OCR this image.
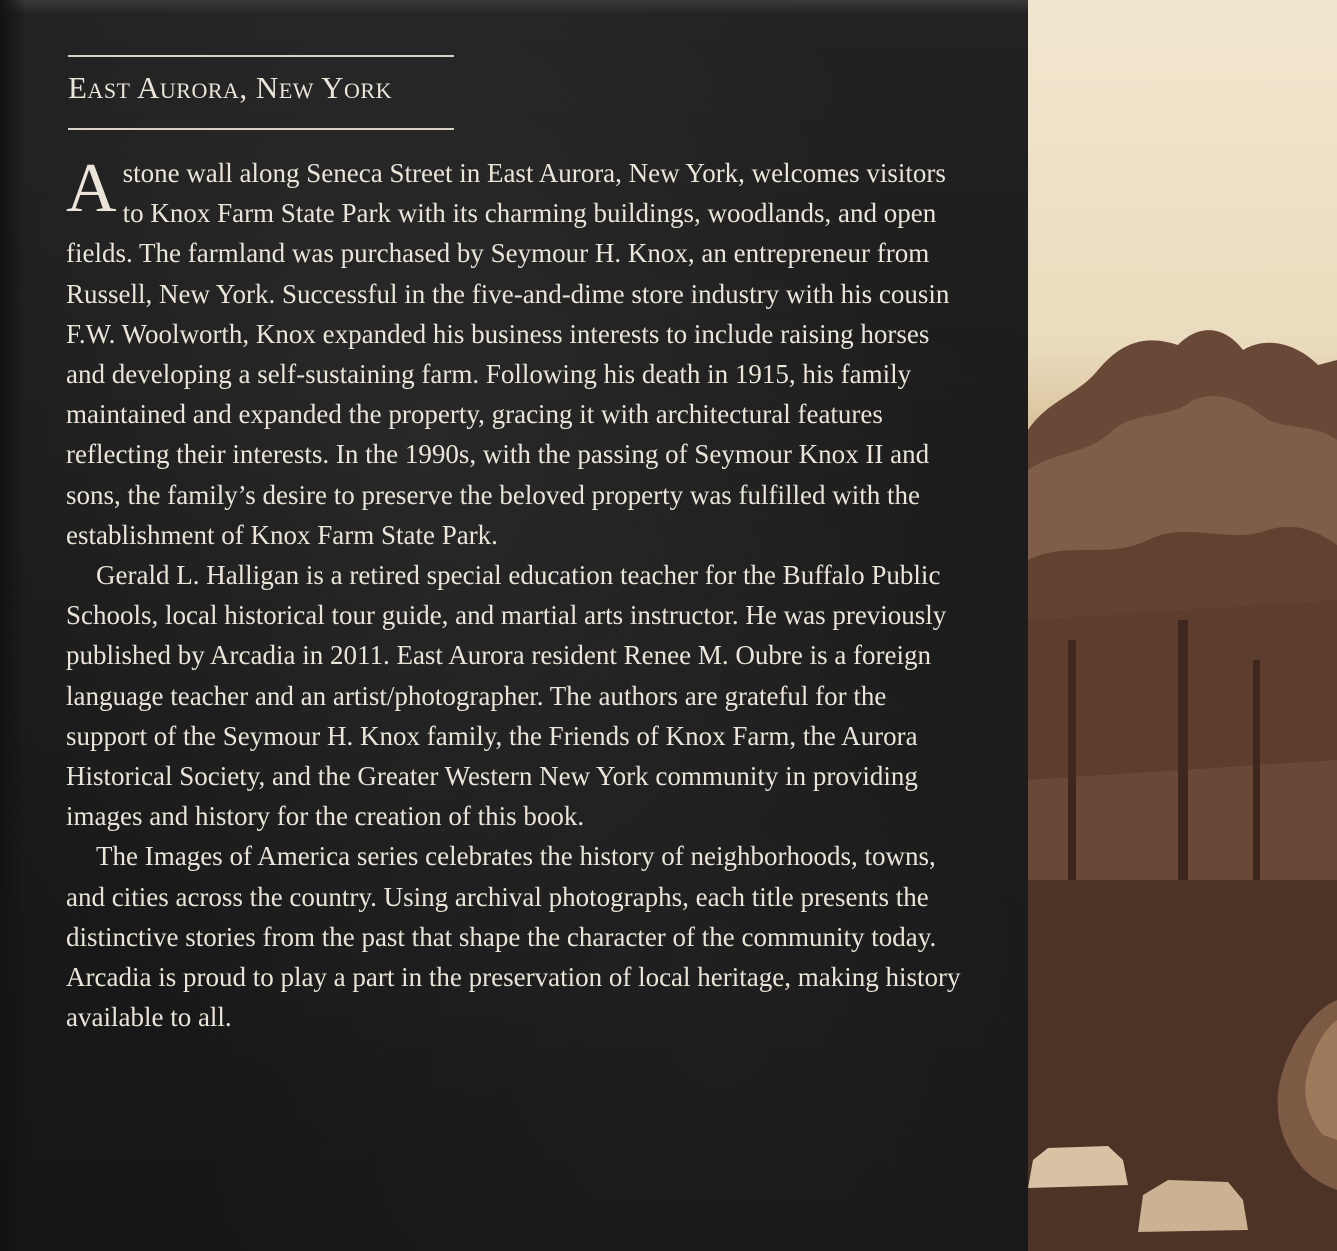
East Aurora, New York

Astone wall along Seneca Street in East Aurora, New York, welcomes visitors to Knox Farm State Park with its charming buildings, woodlands, and open fields. The farmland was purchased by Seymour H. Knox, an entrepreneur from Russell, New York. Successful in the five-and-dime store industry with his cousin F.W. Woolworth, Knox expanded his business interests to include raising horses and developing a self-sustaining farm. Following his death in 1915, his family maintained and expanded the property, gracing it with architectural features reflecting their interests. In the 1990s, with the passing of Seymour Knox II and sons, the family’s desire to preserve the beloved property was fulfilled with the establishment of Knox Farm State Park.

Gerald L. Halligan is a retired special education teacher for the Buffalo Public Schools, local historical tour guide, and martial arts instructor. He was previously published by Arcadia in 2011. East Aurora resident Renee M. Oubre is a foreign language teacher and an artist/photographer. The authors are grateful for the support of the Seymour H. Knox family, the Friends of Knox Farm, the Aurora Historical Society, and the Greater Western New York community in providing images and history for the creation of this book.

The Images of America series celebrates the history of neighborhoods, towns, and cities across the country. Using archival photographs, each title presents the distinctive stories from the past that shape the character of the community today. Arcadia is proud to play a part in the preservation of local heritage, making history available to all.
